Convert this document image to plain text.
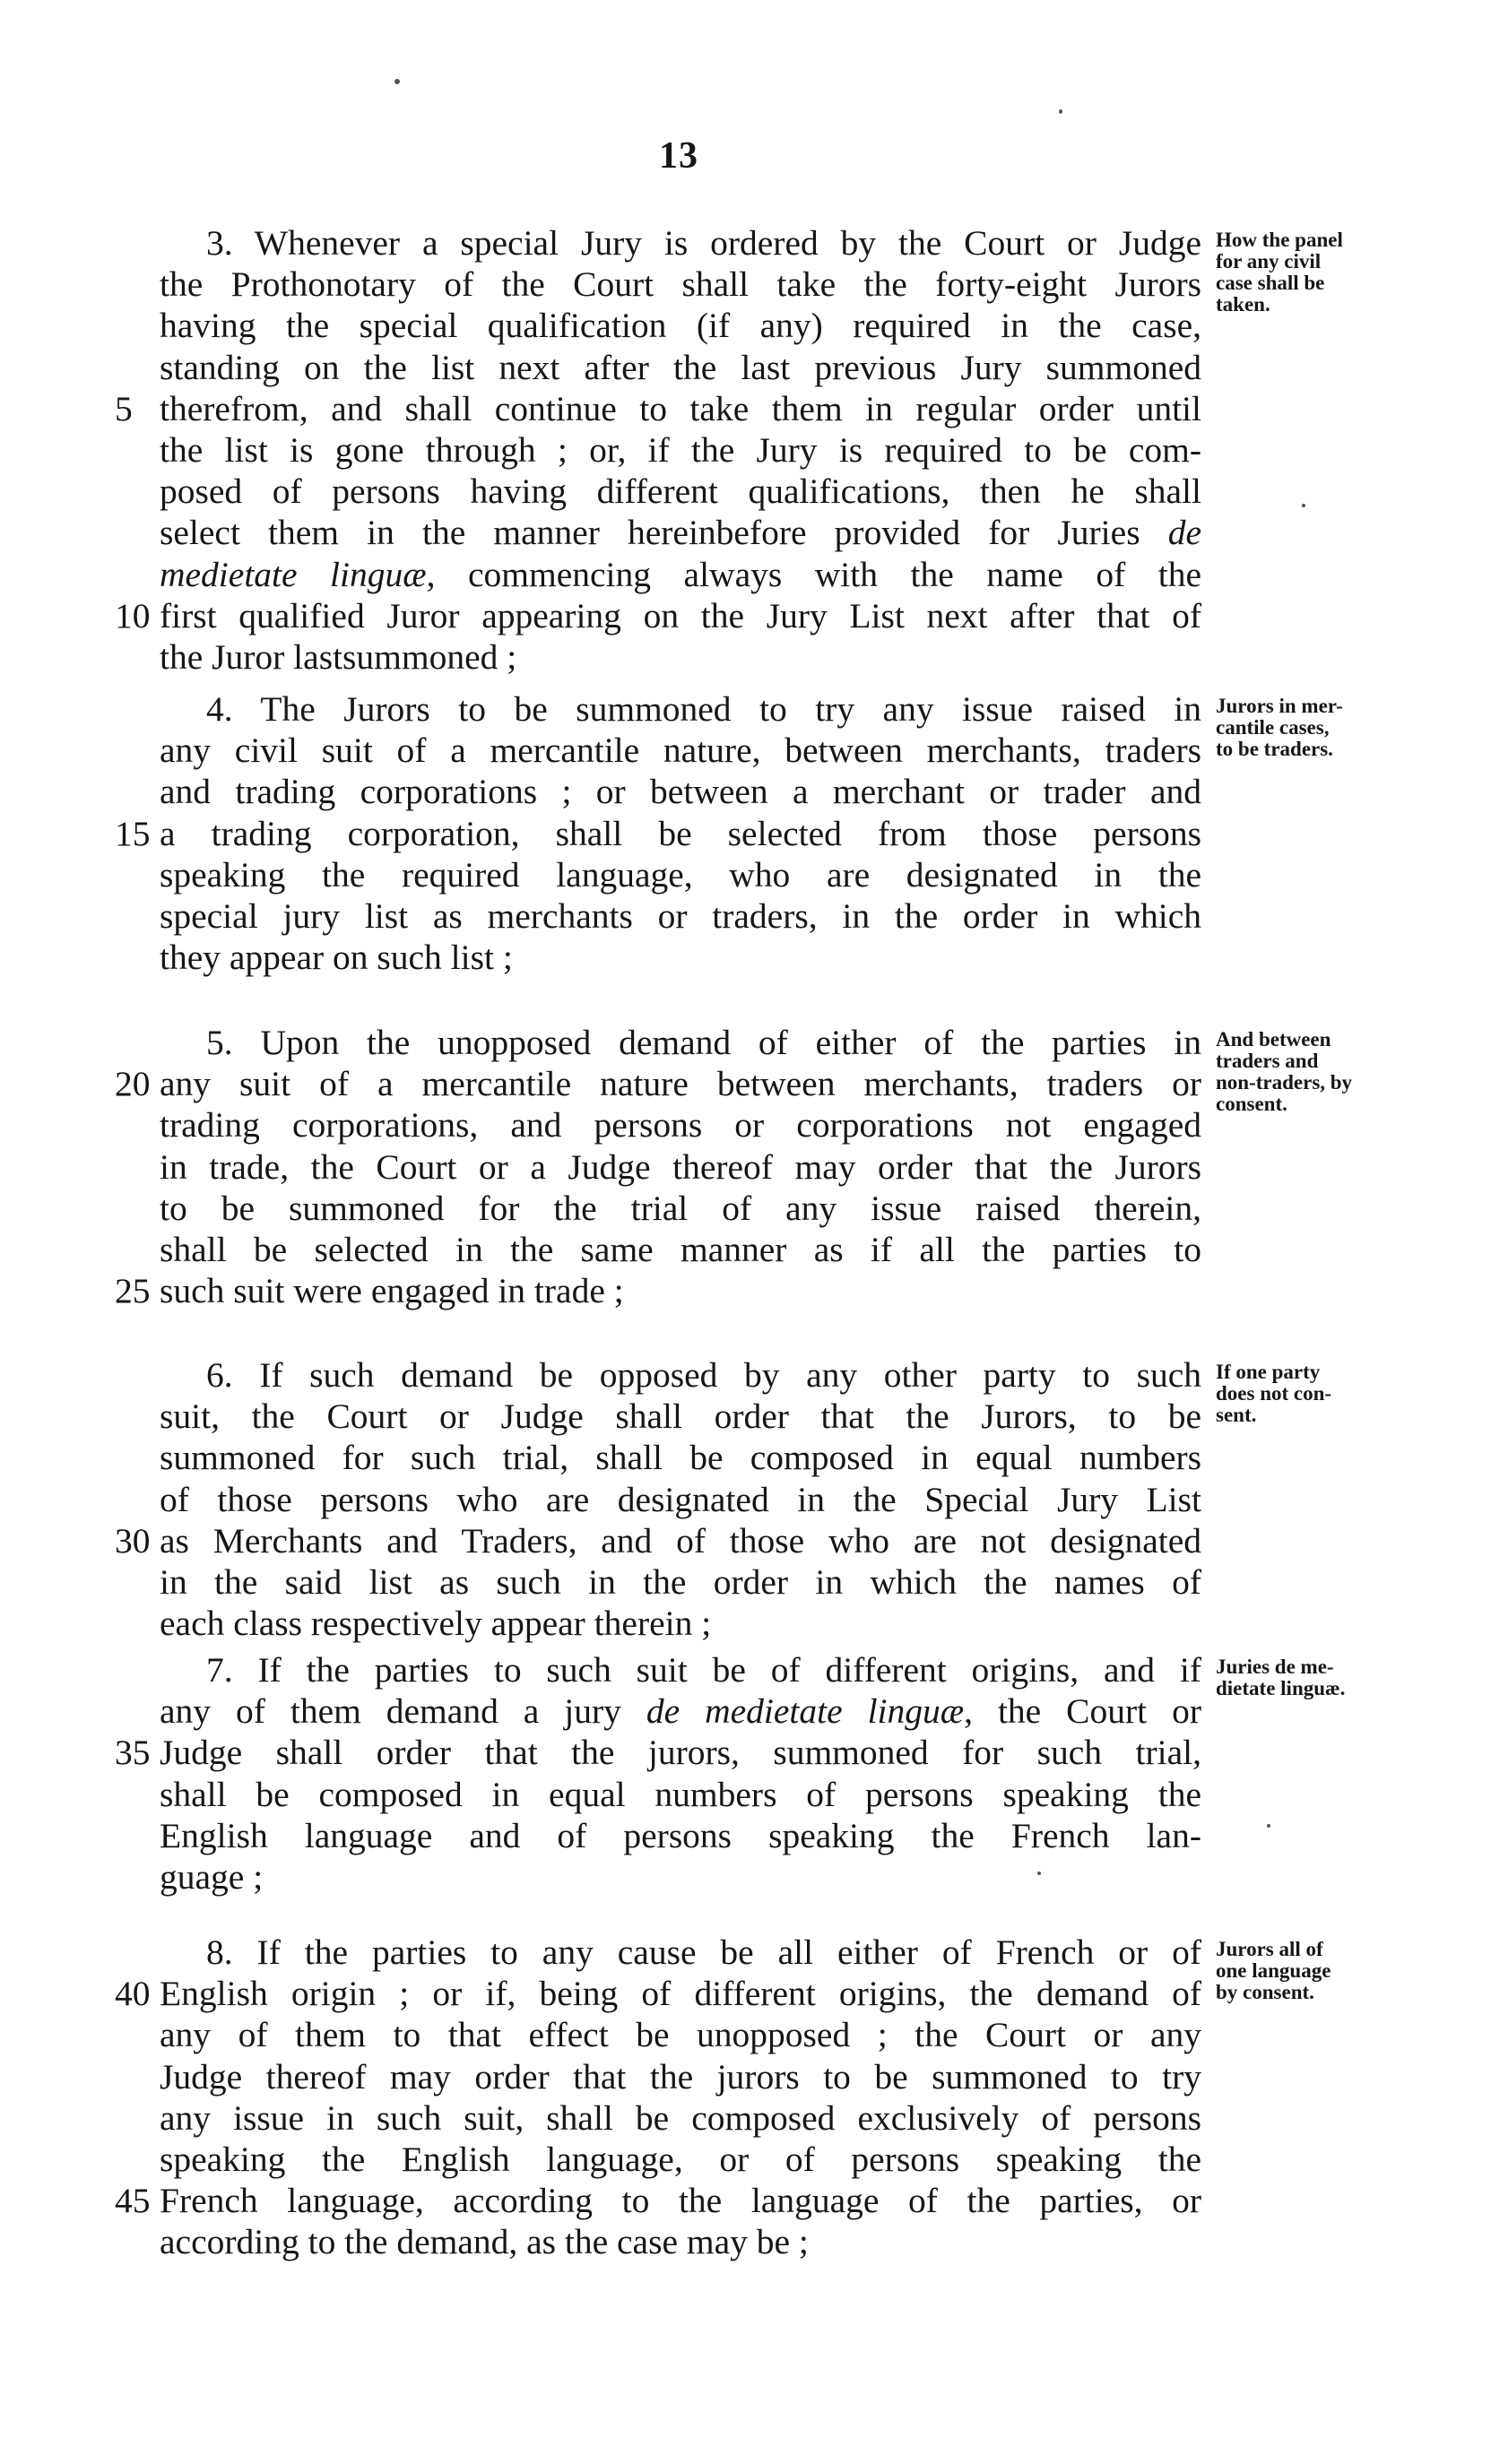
13
3. Whenever a special Jury is ordered by the Court or Judge
the Prothonotary of the Court shall take the forty-eight Jurors
having the special qualification (if any) required in the case,
standing on the list next after the last previous Jury summoned
5 therefrom, and shall continue to take them in regular order until
the list is gone through ; or, if the Jury is required to be com-
posed of persons having different qualifications, then he shall
select them in the manner hereinbefore provided for Juries de
medietate linguæ, commencing always with the name of the
10 first qualified Juror appearing on the Jury List next after that of
the Juror lastsummoned ;
How the panel
for any civil
case shall be
taken.
4. The Jurors to be summoned to try any issue raised in
any civil suit of a mercantile nature, between merchants, traders
and trading corporations ; or between a merchant or trader and
15 a trading corporation, shall be selected from those persons
speaking the required language, who are designated in the
special jury list as merchants or traders, in the order in which
they appear on such list ;
Jurors in mer-
cantile cases,
to be traders.
5. Upon the unopposed demand of either of the parties in
20 any suit of a mercantile nature between merchants, traders or
trading corporations, and persons or corporations not engaged
in trade, the Court or a Judge thereof may order that the Jurors
to be summoned for the trial of any issue raised therein,
shall be selected in the same manner as if all the parties to
25 such suit were engaged in trade ;
And between
traders and
non-traders, by
consent.
6. If such demand be opposed by any other party to such
suit, the Court or Judge shall order that the Jurors, to be
summoned for such trial, shall be composed in equal numbers
of those persons who are designated in the Special Jury List
30 as Merchants and Traders, and of those who are not designated
in the said list as such in the order in which the names of
each class respectively appear therein ;
If one party
does not con-
sent.
7. If the parties to such suit be of different origins, and if
any of them demand a jury de medietate linguæ, the Court or
35 Judge shall order that the jurors, summoned for such trial,
shall be composed in equal numbers of persons speaking the
English language and of persons speaking the French lan-
guage ;
Juries de me-
dietate linguæ.
8. If the parties to any cause be all either of French or of
40 English origin ; or if, being of different origins, the demand of
any of them to that effect be unopposed ; the Court or any
Judge thereof may order that the jurors to be summoned to try
any issue in such suit, shall be composed exclusively of persons
speaking the English language, or of persons speaking the
45 French language, according to the language of the parties, or
according to the demand, as the case may be ;
Jurors all of
one language
by consent.
